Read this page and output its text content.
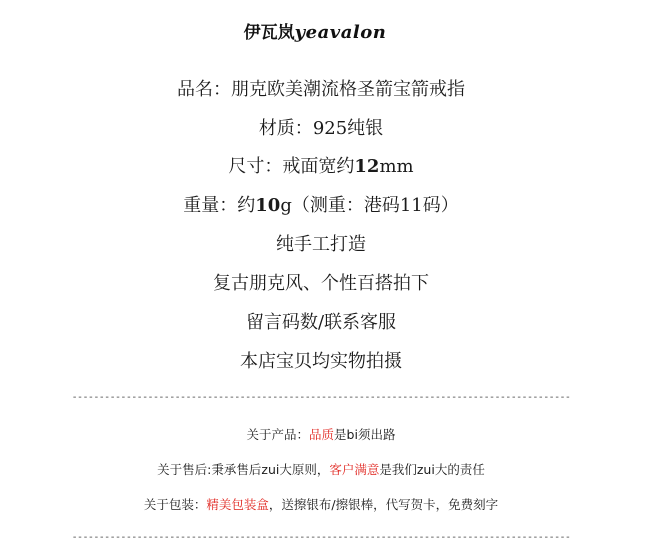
伊瓦岚yeavalon
品名：朋克欧美潮流格圣箭宝箭戒指
材质：925纯银
尺寸：戒面宽约12mm
重量：约10g（测重：港码11码）
纯手工打造
复古朋克风、个性百搭拍下
留言码数/联系客服
本店宝贝均实物拍摄
--------------------------------------------------------------------------------------------
关于产品：品质是bi须出路
关于售后:秉承售后zui大原则，客户满意是我们zui大的责任
关于包装：精美包装盒，送擦银布/擦银棒，代写贺卡，免费刻字
--------------------------------------------------------------------------------------------
